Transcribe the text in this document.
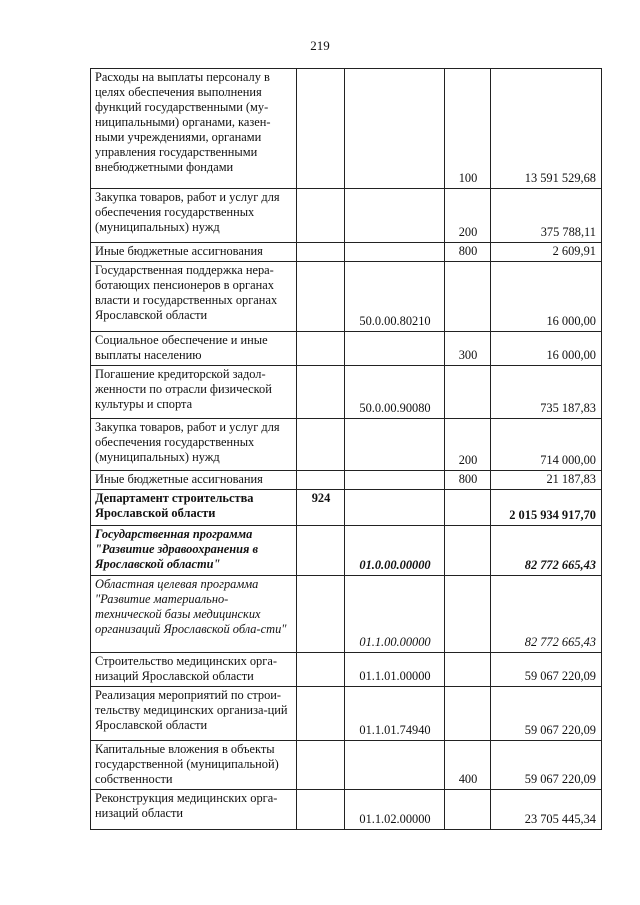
219
Расходы на выплаты персоналу в целях обеспечения выполнения функций государственными (му-ниципальными) органами, казен-ными учреждениями, органами управления государственными внебюджетными фондами			100	13 591 529,68
Закупка товаров, работ и услуг для обеспечения государственных (муниципальных) нужд			200	375 788,11
Иные бюджетные ассигнования			800	2 609,91
Государственная поддержка нера-ботающих пенсионеров в органах власти и государственных органах Ярославской области		50.0.00.80210		16 000,00
Социальное обеспечение и иные выплаты населению			300	16 000,00
Погашение кредиторской задол-женности по отрасли физической культуры и спорта		50.0.00.90080		735 187,83
Закупка товаров, работ и услуг для обеспечения государственных (муниципальных) нужд			200	714 000,00
Иные бюджетные ассигнования			800	21 187,83
Департамент строительства Ярославской области	924			2 015 934 917,70
Государственная программа "Развитие здравоохранения в Ярославской области"		01.0.00.00000		82 772 665,43
Областная целевая программа "Развитие материально-технической базы медицинских организаций Ярославской обла-сти"		01.1.00.00000		82 772 665,43
Строительство медицинских орга-низаций Ярославской области		01.1.01.00000		59 067 220,09
Реализация мероприятий по строи-тельству медицинских организа-ций Ярославской области		01.1.01.74940		59 067 220,09
Капитальные вложения в объекты государственной (муниципальной) собственности			400	59 067 220,09
Реконструкция медицинских орга-низаций области		01.1.02.00000		23 705 445,34
